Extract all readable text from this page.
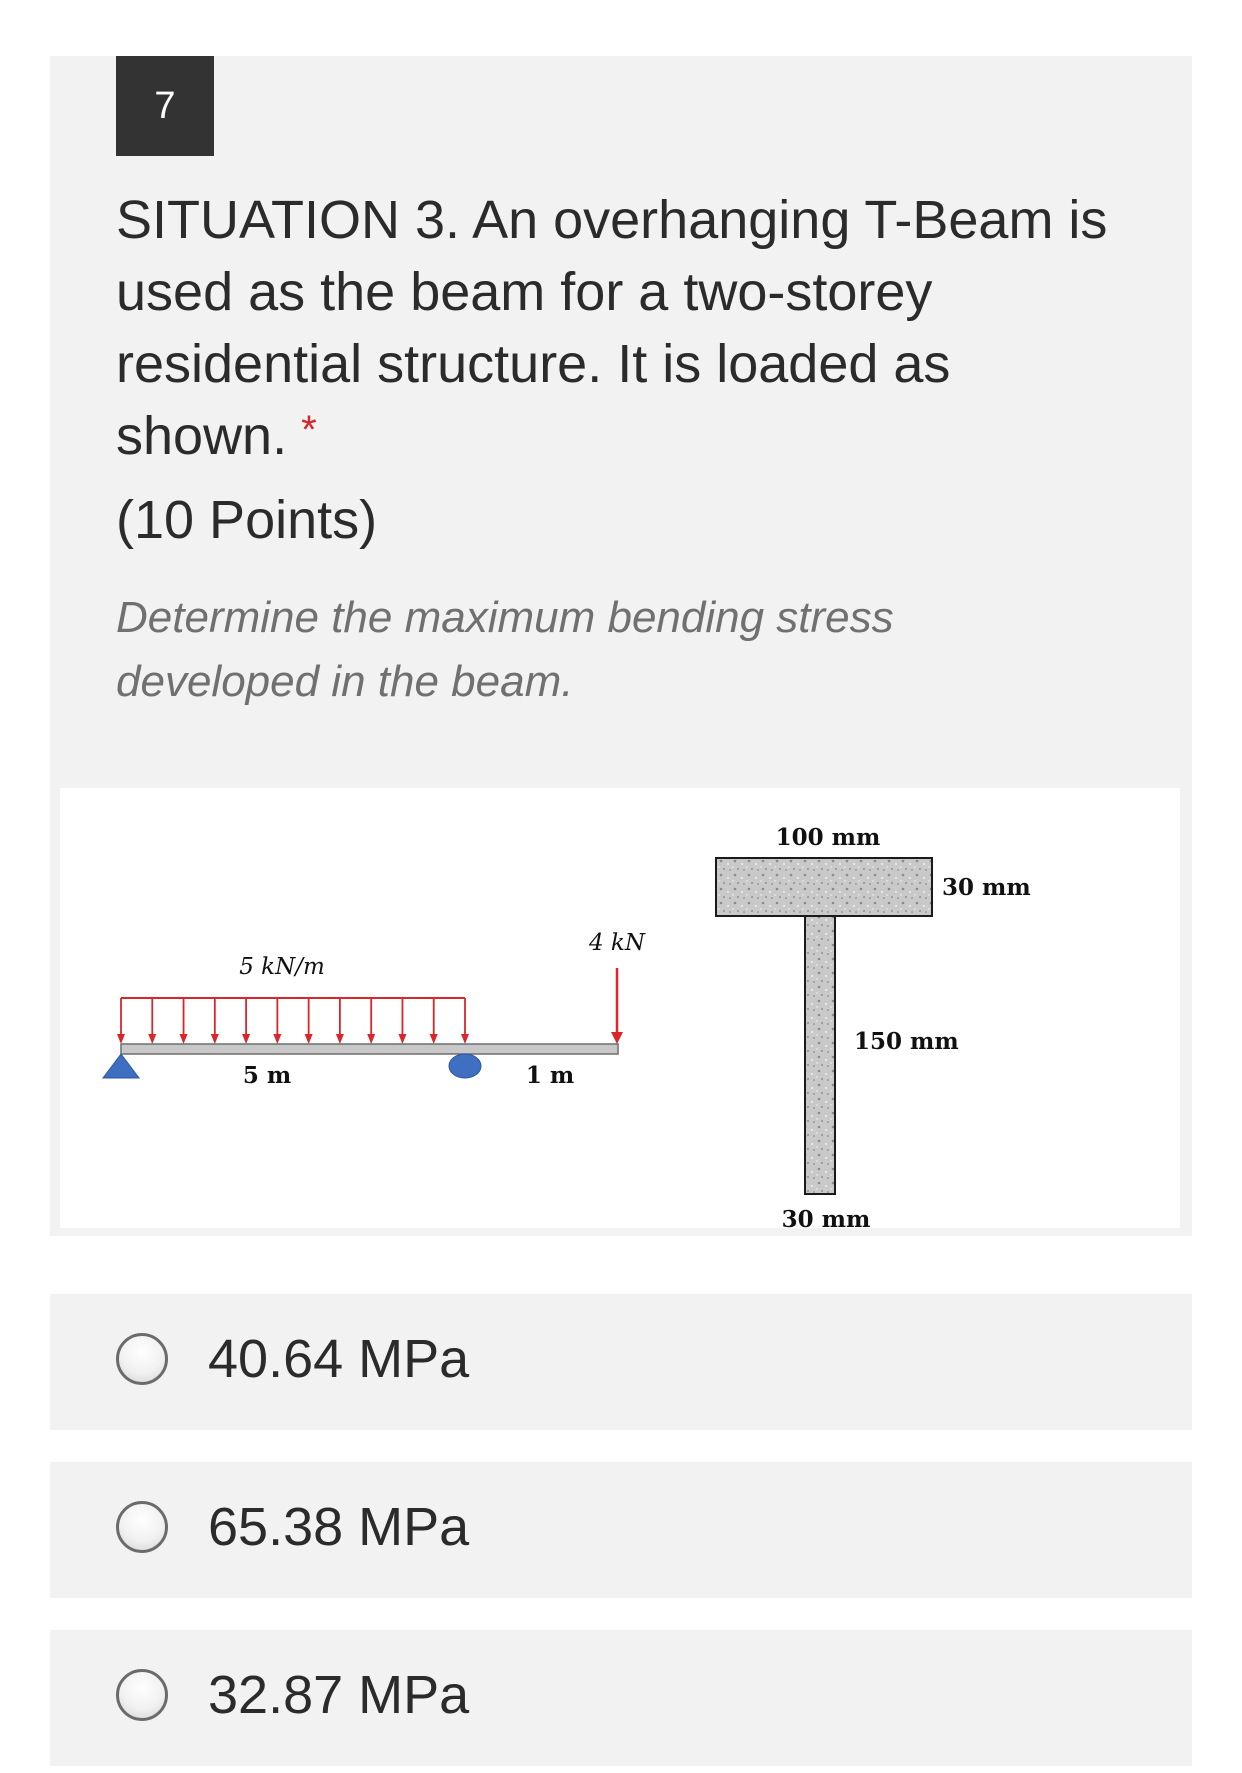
7
SITUATION 3. An overhanging T-Beam is used as the beam for a two-storey residential structure. It is loaded as shown. *
(10 Points)
Determine the maximum bending stress developed in the beam.
5 kN/m
4 kN
5 m	1 m
100 mm
30 mm
150 mm
30 mm
40.64 MPa
65.38 MPa
32.87 MPa
